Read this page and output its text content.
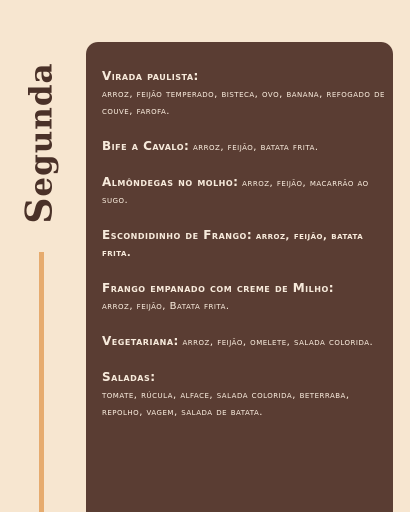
Segunda	Virada paulista:
arroz, feijão temperado, bisteca, ovo, banana, refogado de couve, farofa.
Bife a Cavalo: arroz, feijão, batata frita.
Almôndegas no molho: arroz, feijão, macarrão ao sugo.
Escondidinho de Frango: arroz, feijão, batata frita.
Frango empanado com creme de Milho:
arroz, feijão, Batata frita.
Vegetariana: arroz, feijão, omelete, salada colorida.
Saladas:
tomate, rúcula, alface, salada colorida, beterraba, repolho, vagem, salada de batata.
